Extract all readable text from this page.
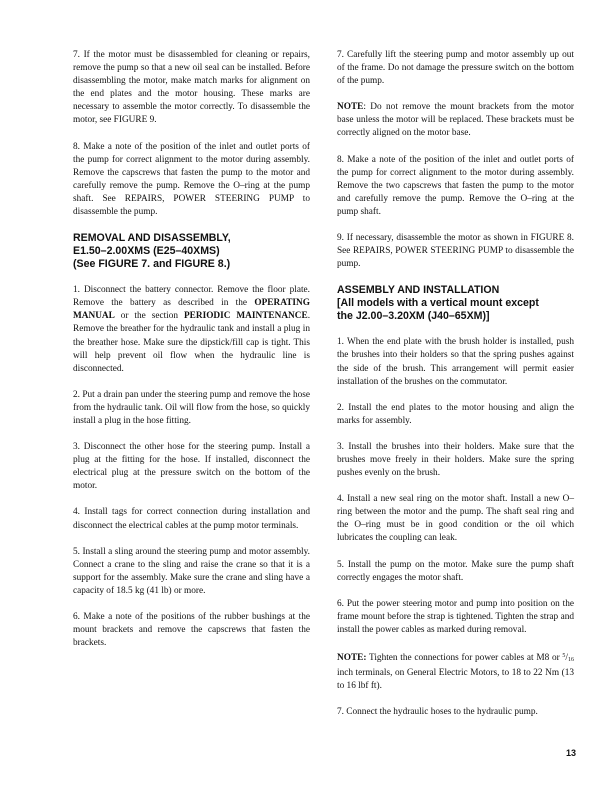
7. If the motor must be disassembled for cleaning or repairs, remove the pump so that a new oil seal can be installed. Before disassembling the motor, make match marks for alignment on the end plates and the motor housing. These marks are necessary to assemble the motor correctly. To disassemble the motor, see FIGURE 9.

8. Make a note of the position of the inlet and outlet ports of the pump for correct alignment to the motor during assembly. Remove the capscrews that fasten the pump to the motor and carefully remove the pump. Remove the O–ring at the pump shaft. See REPAIRS, POWER STEERING PUMP to disassemble the pump.

REMOVAL AND DISASSEMBLY,
E1.50–2.00XMS (E25–40XMS)
(See FIGURE 7. and FIGURE 8.)

1. Disconnect the battery connector. Remove the floor plate. Remove the battery as described in the OPERATING MANUAL or the section PERIODIC MAINTENANCE. Remove the breather for the hydraulic tank and install a plug in the breather hose. Make sure the dipstick/fill cap is tight. This will help prevent oil flow when the hydraulic line is disconnected.

2. Put a drain pan under the steering pump and remove the hose from the hydraulic tank. Oil will flow from the hose, so quickly install a plug in the hose fitting.

3. Disconnect the other hose for the steering pump. Install a plug at the fitting for the hose. If installed, disconnect the electrical plug at the pressure switch on the bottom of the motor.

4. Install tags for correct connection during installation and disconnect the electrical cables at the pump motor terminals.

5. Install a sling around the steering pump and motor assembly. Connect a crane to the sling and raise the crane so that it is a support for the assembly. Make sure the crane and sling have a capacity of 18.5 kg (41 lb) or more.

6. Make a note of the positions of the rubber bushings at the mount brackets and remove the capscrews that fasten the brackets.

7. Carefully lift the steering pump and motor assembly up out of the frame. Do not damage the pressure switch on the bottom of the pump.

NOTE: Do not remove the mount brackets from the motor base unless the motor will be replaced. These brackets must be correctly aligned on the motor base.

8. Make a note of the position of the inlet and outlet ports of the pump for correct alignment to the motor during assembly. Remove the two capscrews that fasten the pump to the motor and carefully remove the pump. Remove the O–ring at the pump shaft.

9. If necessary, disassemble the motor as shown in FIGURE 8. See REPAIRS, POWER STEERING PUMP to disassemble the pump.

ASSEMBLY AND INSTALLATION
[All models with a vertical mount except
the J2.00–3.20XM (J40–65XM)]

1. When the end plate with the brush holder is installed, push the brushes into their holders so that the spring pushes against the side of the brush. This arrangement will permit easier installation of the brushes on the commutator.

2. Install the end plates to the motor housing and align the marks for assembly.

3. Install the brushes into their holders. Make sure that the brushes move freely in their holders. Make sure the spring pushes evenly on the brush.

4. Install a new seal ring on the motor shaft. Install a new O–ring between the motor and the pump. The shaft seal ring and the O–ring must be in good condition or the oil which lubricates the coupling can leak.

5. Install the pump on the motor. Make sure the pump shaft correctly engages the motor shaft.

6. Put the power steering motor and pump into position on the frame mount before the strap is tightened. Tighten the strap and install the power cables as marked during removal.

NOTE: Tighten the connections for power cables at M8 or $^5/_{16}$ inch terminals, on General Electric Motors, to 18 to 22 Nm (13 to 16 lbf ft).

7. Connect the hydraulic hoses to the hydraulic pump.

13
